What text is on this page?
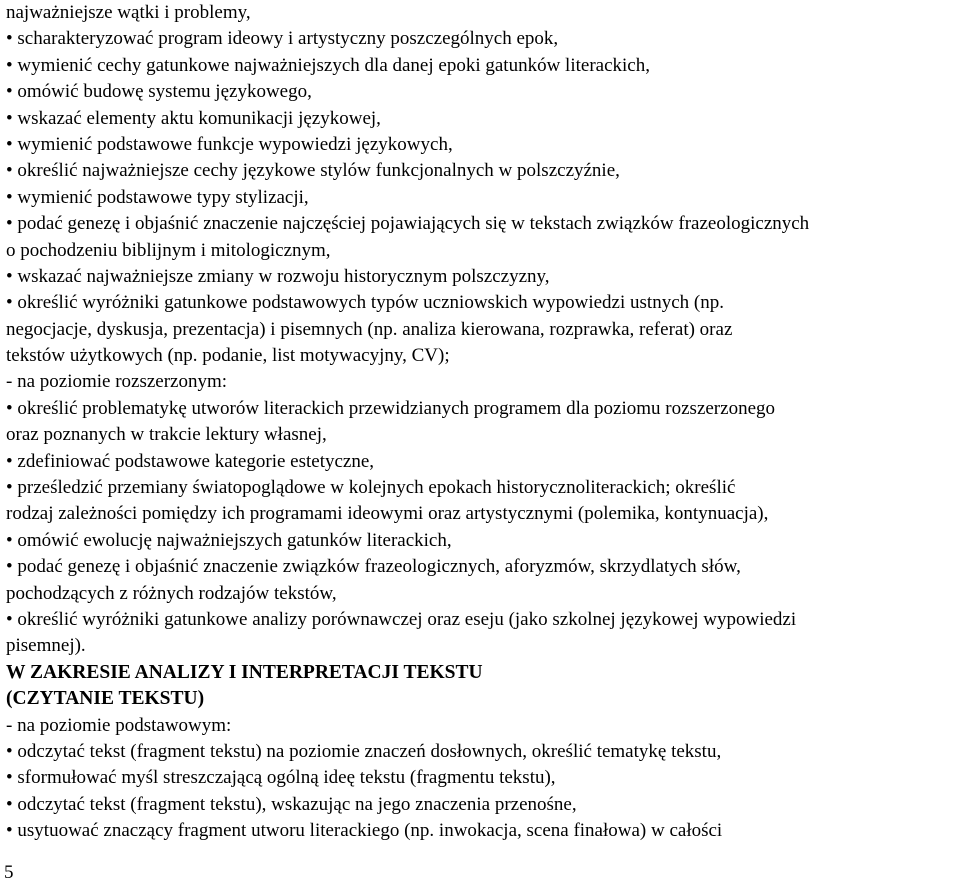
najważniejsze wątki i problemy,
• scharakteryzować program ideowy i artystyczny poszczególnych epok,
• wymienić cechy gatunkowe najważniejszych dla danej epoki gatunków literackich,
• omówić budowę systemu językowego,
• wskazać elementy aktu komunikacji językowej,
• wymienić podstawowe funkcje wypowiedzi językowych,
• określić najważniejsze cechy językowe stylów funkcjonalnych w polszczyźnie,
• wymienić podstawowe typy stylizacji,
• podać genezę i objaśnić znaczenie najczęściej pojawiających się w tekstach związków frazeologicznych
o pochodzeniu biblijnym i mitologicznym,
• wskazać najważniejsze zmiany w rozwoju historycznym polszczyzny,
• określić wyróżniki gatunkowe podstawowych typów uczniowskich wypowiedzi ustnych (np.
negocjacje, dyskusja, prezentacja) i pisemnych (np. analiza kierowana, rozprawka, referat) oraz
tekstów użytkowych (np. podanie, list motywacyjny, CV);
- na poziomie rozszerzonym:
• określić problematykę utworów literackich przewidzianych programem dla poziomu rozszerzonego
oraz poznanych w trakcie lektury własnej,
• zdefiniować podstawowe kategorie estetyczne,
• prześledzić przemiany światopoglądowe w kolejnych epokach historycznoliterackich; określić
rodzaj zależności pomiędzy ich programami ideowymi oraz artystycznymi (polemika, kontynuacja),
• omówić ewolucję najważniejszych gatunków literackich,
• podać genezę i objaśnić znaczenie związków frazeologicznych, aforyzmów, skrzydlatych słów,
pochodzących z różnych rodzajów tekstów,
• określić wyróżniki gatunkowe analizy porównawczej oraz eseju (jako szkolnej językowej wypowiedzi
pisemnej).
W ZAKRESIE ANALIZY I INTERPRETACJI TEKSTU
(CZYTANIE TEKSTU)
- na poziomie podstawowym:
• odczytać tekst (fragment tekstu) na poziomie znaczeń dosłownych, określić tematykę tekstu,
• sformułować myśl streszczającą ogólną ideę tekstu (fragmentu tekstu),
• odczytać tekst (fragment tekstu), wskazując na jego znaczenia przenośne,
• usytuować znaczący fragment utworu literackiego (np. inwokacja, scena finałowa) w całości
5
